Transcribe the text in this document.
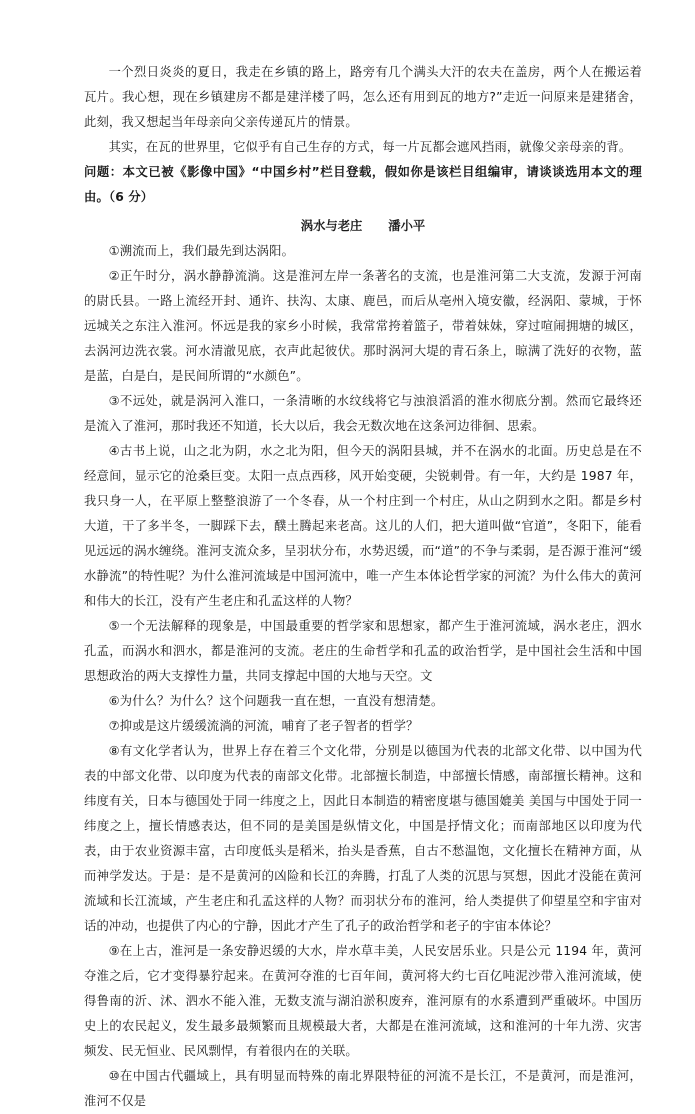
一个烈日炎炎的夏日，我走在乡镇的路上，路旁有几个满头大汗的农夫在盖房，两个人在搬运着瓦片。我心想，现在乡镇建房不都是建洋楼了吗，怎么还有用到瓦的地方?”走近一问原来是建猪舍，此刻，我又想起当年母亲向父亲传递瓦片的情景。

其实，在瓦的世界里，它似乎有自己生存的方式，每一片瓦都会遮风挡雨，就像父亲母亲的背。

问题：本文已被《影像中国》“中国乡村”栏目登载，假如你是该栏目组编审，请谈谈选用本文的理由。（6 分）

涡水与老庄 潘小平

①溯流而上，我们最先到达涡阳。

②正午时分，涡水静静流淌。这是淮河左岸一条著名的支流，也是淮河第二大支流，发源于河南的尉氏县。一路上流经开封、通许、扶沟、太康、鹿邑，而后从亳州入境安徽，经涡阳、蒙城，于怀远城关之东注入淮河。怀远是我的家乡小时候，我常常挎着篮子，带着妹妹，穿过喧闹拥塘的城区，去涡河边洗衣裳。河水清澈见底，衣声此起彼伏。那时涡河大堤的青石条上，晾满了洗好的衣物，蓝是蓝，白是白，是民间所谓的“水颜色”。

③不远处，就是涡河入淮口，一条清晰的水纹线将它与浊浪滔滔的淮水彻底分割。然而它最终还是流入了淮河，那时我还不知道，长大以后，我会无数次地在这条河边徘徊、思索。

④古书上说，山之北为阴，水之北为阳，但今天的涡阳县城，并不在涡水的北面。历史总是在不经意间，显示它的沧桑巨变。太阳一点点西移，风开始变硬，尖锐刺骨。有一年，大约是 1987 年，我只身一人，在平原上整整浪游了一个冬春，从一个村庄到一个村庄，从山之阴到水之阳。都是乡村大道，干了多半冬，一脚踩下去，醭土腾起来老高。这儿的人们，把大道叫做“官道”，冬阳下，能看见远远的涡水缠绕。淮河支流众多，呈羽状分布，水势迟缓，而“道”的不争与柔弱，是否源于淮河“缓水静流”的特性呢？为什么淮河流域是中国河流中，唯一产生本体论哲学家的河流？为什么伟大的黄河和伟大的长江，没有产生老庄和孔孟这样的人物？

⑤一个无法解释的现象是，中国最重要的哲学家和思想家，都产生于淮河流域，涡水老庄，泗水孔孟，而涡水和泗水，都是淮河的支流。老庄的生命哲学和孔孟的政治哲学，是中国社会生活和中国思想政治的两大支撑性力量，共同支撑起中国的大地与天空。文

⑥为什么？为什么？这个问题我一直在想，一直没有想清楚。

⑦抑或是这片缓缓流淌的河流，哺育了老子智者的哲学？

⑧有文化学者认为，世界上存在着三个文化带，分别是以德国为代表的北部文化带、以中国为代表的中部文化带、以印度为代表的南部文化带。北部擅长制造，中部擅长情感，南部擅长精神。这和纬度有关，日本与德国处于同一纬度之上，因此日本制造的精密度堪与德国媲美 美国与中国处于同一纬度之上，擅长情感表达，但不同的是美国是纵情文化，中国是抒情文化；而南部地区以印度为代表，由于农业资源丰富，古印度低头是稻米，抬头是香蕉，自古不愁温饱，文化擅长在精神方面，从而神学发达。于是：是不是黄河的凶险和长江的奔腾，打乱了人类的沉思与冥想，因此才没能在黄河流域和长江流域，产生老庄和孔孟这样的人物？而羽状分布的淮河，给人类提供了仰望星空和宇宙对话的冲动，也提供了内心的宁静，因此才产生了孔子的政治哲学和老子的宇宙本体论？

⑨在上古，淮河是一条安静迟缓的大水，岸水草丰美，人民安居乐业。只是公元 1194 年，黄河夺淮之后，它才变得暴狞起来。在黄河夺淮的七百年间，黄河将大约七百亿吨泥沙带入淮河流域，使得鲁南的沂、沭、泗水不能入淮，无数支流与湖泊淤积废弃，淮河原有的水系遭到严重破坏。中国历史上的农民起义，发生最多最频繁而且规模最大者，大都是在淮河流域，这和淮河的十年九涝、灾害频发、民无恒业、民风剽悍，有着很内在的关联。

⑩在中国古代疆域上，具有明显而特殊的南北界限特征的河流不是长江，不是黄河，而是淮河，淮河不仅是
